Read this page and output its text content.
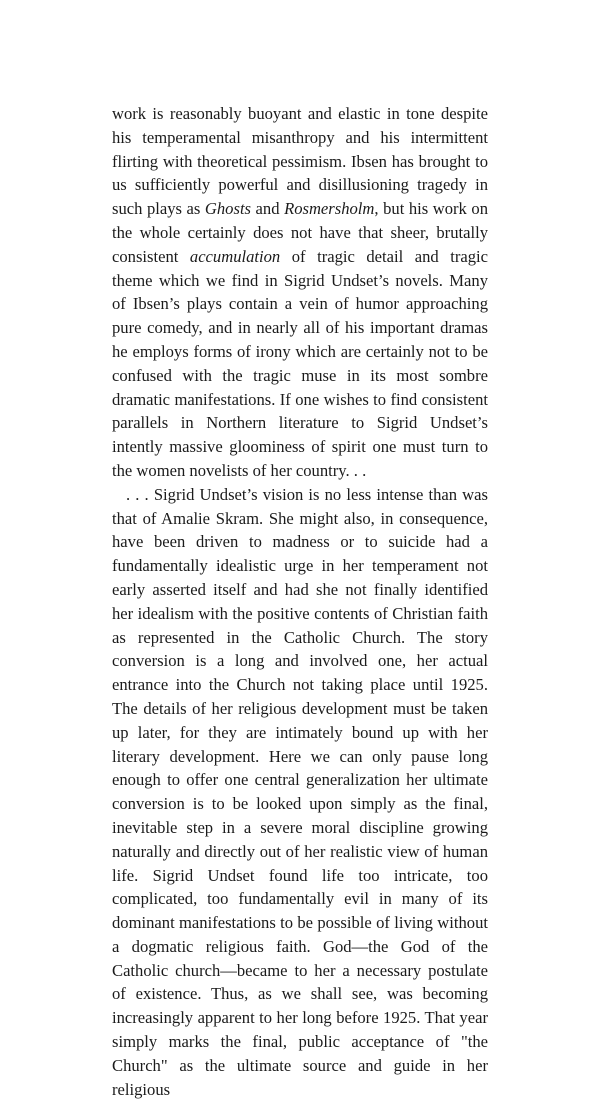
work is reasonably buoyant and elastic in tone despite his temperamental misanthropy and his intermittent flirting with theoretical pessimism. Ibsen has brought to us sufficiently powerful and disillusioning tragedy in such plays as Ghosts and Rosmersholm, but his work on the whole certainly does not have that sheer, brutally consistent accumulation of tragic detail and tragic theme which we find in Sigrid Undset’s novels. Many of Ibsen’s plays contain a vein of humor approaching pure comedy, and in nearly all of his important dramas he employs forms of irony which are certainly not to be confused with the tragic muse in its most sombre dramatic manifestations. If one wishes to find consistent parallels in Northern literature to Sigrid Undset’s intently massive gloominess of spirit one must turn to the women novelists of her country. . .

. . . Sigrid Undset’s vision is no less intense than was that of Amalie Skram. She might also, in consequence, have been driven to madness or to suicide had a fundamentally idealistic urge in her temperament not early asserted itself and had she not finally identified her idealism with the positive contents of Christian faith as represented in the Catholic Church. The story conversion is a long and involved one, her actual entrance into the Church not taking place until 1925. The details of her religious development must be taken up later, for they are intimately bound up with her literary development. Here we can only pause long enough to offer one central generalization her ultimate conversion is to be looked upon simply as the final, inevitable step in a severe moral discipline growing naturally and directly out of her realistic view of human life. Sigrid Undset found life too intricate, too complicated, too fundamentally evil in many of its dominant manifestations to be possible of living without a dogmatic religious faith. God—the God of the Catholic church—became to her a necessary postulate of existence. Thus, as we shall see, was becoming increasingly apparent to her long before 1925. That year simply marks the final, public acceptance of "the Church" as the ultimate source and guide in her religious
